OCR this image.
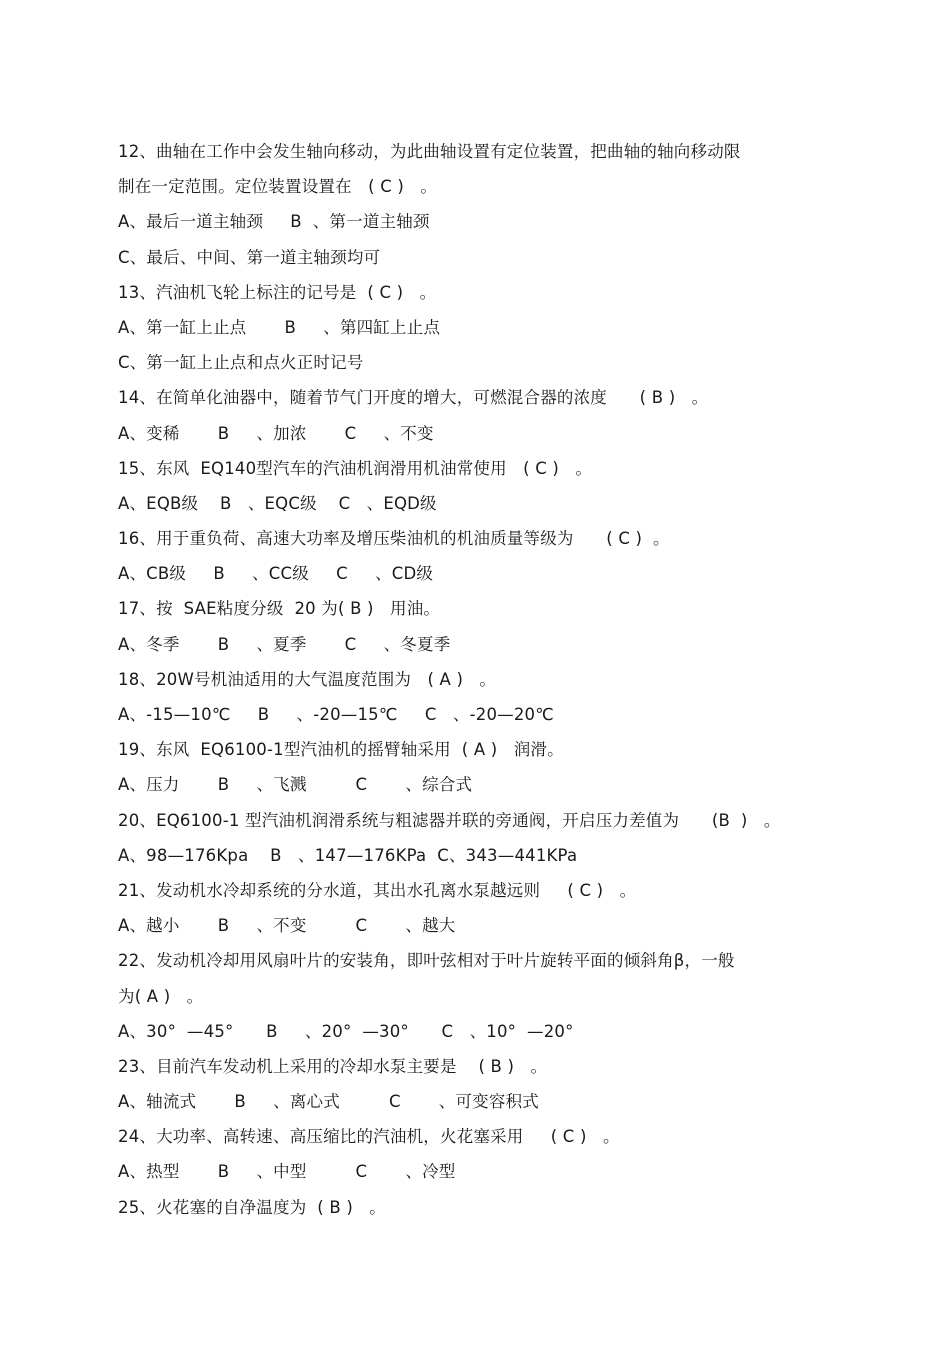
12、曲轴在工作中会发生轴向移动，为此曲轴设置有定位装置，把曲轴的轴向移动限
制在一定范围。定位装置设置在   ( C )   。
A、最后一道主轴颈     B  、第一道主轴颈
C、最后、中间、第一道主轴颈均可
13、汽油机飞轮上标注的记号是  ( C )   。
A、第一缸上止点       B     、第四缸上止点
C、第一缸上止点和点火正时记号
14、在简单化油器中，随着节气门开度的增大，可燃混合器的浓度      ( B )   。
A、变稀       B     、加浓       C     、不变
15、东风  EQ140型汽车的汽油机润滑用机油常使用   ( C )   。
A、EQB级    B   、EQC级    C   、EQD级
16、用于重负荷、高速大功率及增压柴油机的机油质量等级为      ( C )  。
A、CB级     B     、CC级     C     、CD级
17、按  SAE粘度分级  20 为( B )   用油。
A、冬季       B     、夏季       C     、冬夏季
18、20W号机油适用的大气温度范围为   ( A )   。
A、-15—10℃     B     、-20—15℃     C   、-20—20℃
19、东风  EQ6100-1型汽油机的摇臂轴采用  ( A )   润滑。
A、压力       B     、飞溅         C       、综合式
20、EQ6100-1 型汽油机润滑系统与粗滤器并联的旁通阀，开启压力差值为      (B  )   。
A、98—176Kpa    B   、147—176KPa  C、343—441KPa
21、发动机水冷却系统的分水道，其出水孔离水泵越远则     ( C )   。
A、越小       B     、不变         C       、越大
22、发动机冷却用风扇叶片的安装角，即叶弦相对于叶片旋转平面的倾斜角β，一般
为( A )   。
A、30°  —45°      B     、20°  —30°      C   、10°  —20°
23、目前汽车发动机上采用的冷却水泵主要是    ( B )   。
A、轴流式       B     、离心式         C       、可变容积式
24、大功率、高转速、高压缩比的汽油机，火花塞采用     ( C )   。
A、热型       B     、中型         C       、冷型
25、火花塞的自净温度为  ( B )   。
